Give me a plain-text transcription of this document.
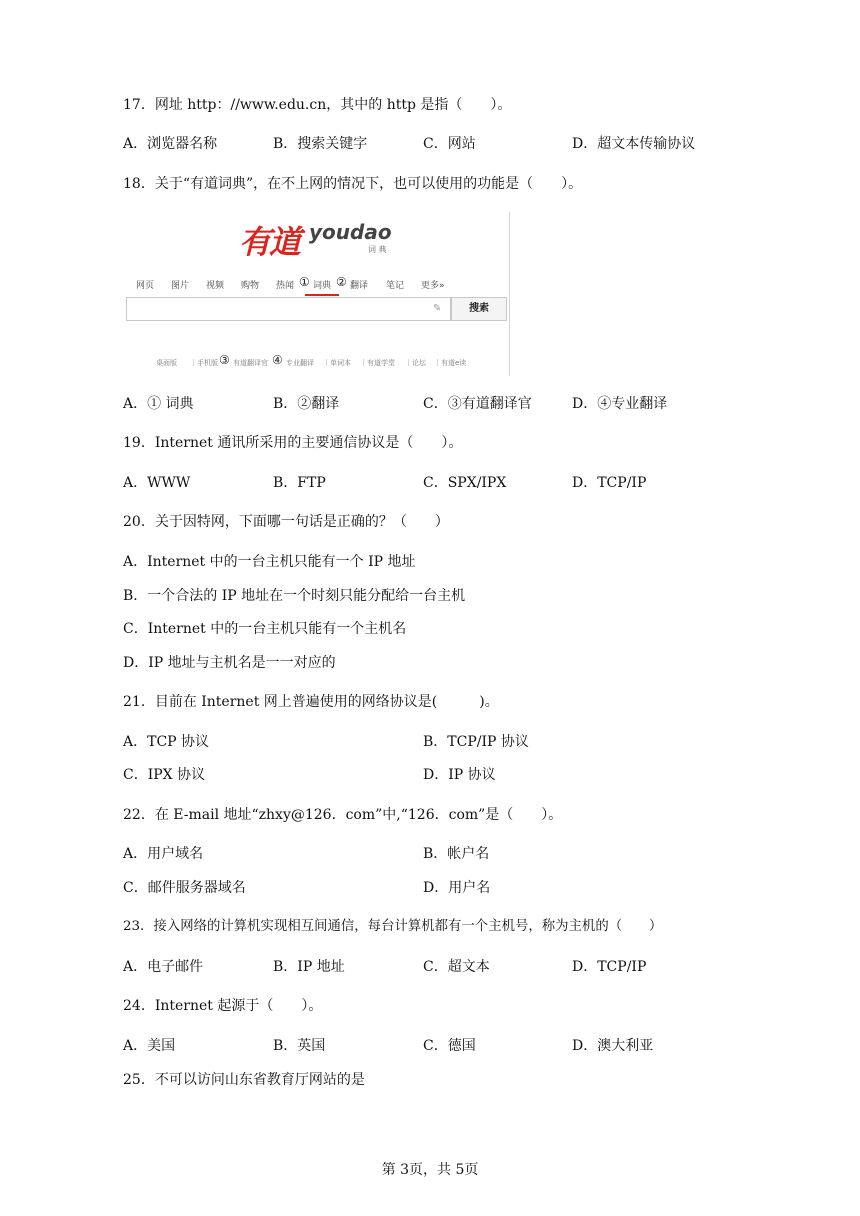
17．网址 http：//www.edu.cn，其中的 http 是指（　　）。
A．浏览器名称	B．搜索关键字	C．网站	D．超文本传输协议
18．关于“有道词典”，在不上网的情况下，也可以使用的功能是（　　）。
有道 youdao
词 典
网页 图片 视频 购物 热闻 ① 词典 ② 翻译 笔记 更多»
✎	搜索
桌面版 ｜手机版 ③ 有道翻译官 ④ 专业翻译 ｜单词本 ｜有道学堂 ｜论坛 ｜有道e读
A．① 词典	B．②翻译	C．③有道翻译官	D．④专业翻译
19．Internet 通讯所采用的主要通信协议是（　　）。
A．WWW	B．FTP	C．SPX/IPX	D．TCP/IP
20．关于因特网，下面哪一句话是正确的？（　　）
A．Internet 中的一台主机只能有一个 IP 地址
B．一个合法的 IP 地址在一个时刻只能分配给一台主机
C．Internet 中的一台主机只能有一个主机名
D．IP 地址与主机名是一一对应的
21．目前在 Internet 网上普遍使用的网络协议是(　　　)。
A．TCP 协议	B．TCP/IP 协议
C．IPX 协议	D．IP 协议
22．在 E-mail 地址“zhxy@126．com”中,“126．com”是（　　）。
A．用户域名	B．帐户名
C．邮件服务器域名	D．用户名
23．接入网络的计算机实现相互间通信，每台计算机都有一个主机号，称为主机的（　　）
A．电子邮件	B．IP 地址	C．超文本	D．TCP/IP
24．Internet 起源于（　　）。
A．美国	B．英国	C．德国	D．澳大利亚
25．不可以访问山东省教育厅网站的是
第 3页，共 5页
